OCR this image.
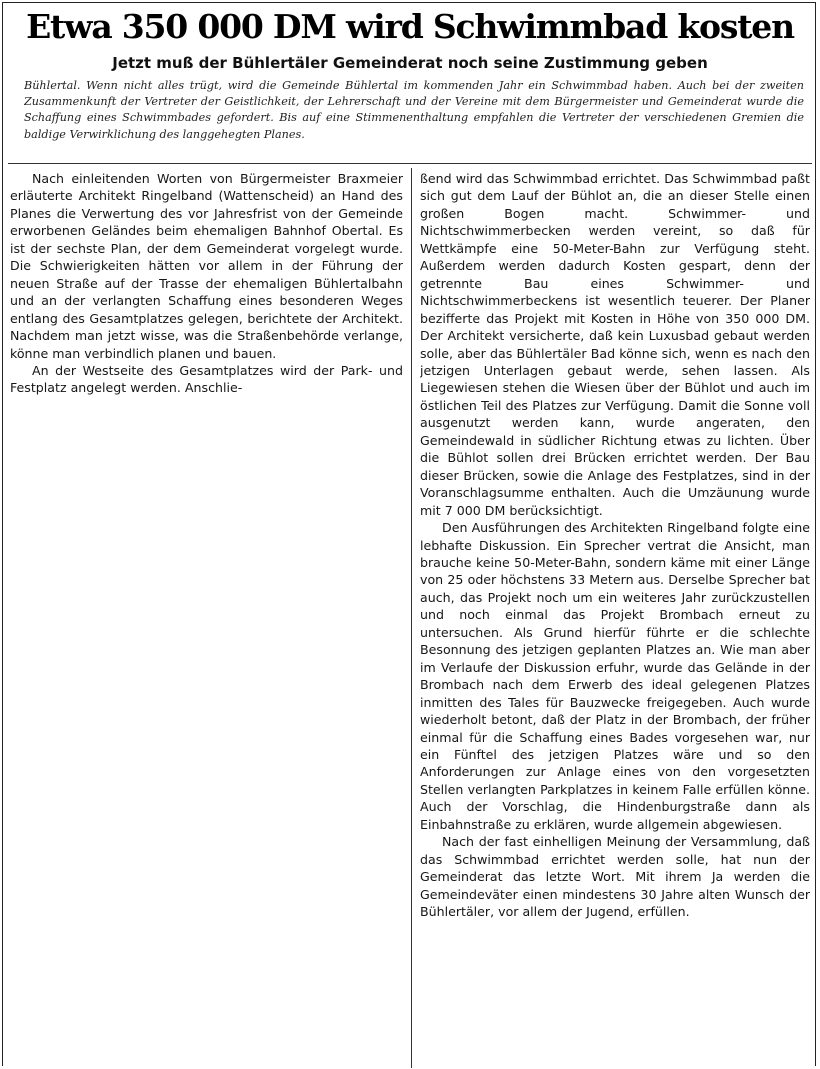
Etwa 350 000 DM wird Schwimmbad kosten
Jetzt muß der Bühlertäler Gemeinderat noch seine Zustimmung geben
Bühlertal. Wenn nicht alles trügt, wird die Gemeinde Bühlertal im kommenden Jahr ein Schwimmbad haben. Auch bei der zweiten Zusammenkunft der Vertreter der Geistlichkeit, der Lehrerschaft und der Vereine mit dem Bürgermeister und Gemeinderat wurde die Schaffung eines Schwimmbades gefordert. Bis auf eine Stimmenenthaltung empfahlen die Vertreter der verschiedenen Gremien die baldige Verwirklichung des langgehegten Planes.

Nach einleitenden Worten von Bürgermeister Braxmeier erläuterte Architekt Ringelband (Wattenscheid) an Hand des Planes die Verwertung des vor Jahresfrist von der Gemeinde erworbenen Geländes beim ehemaligen Bahnhof Obertal. Es ist der sechste Plan, der dem Gemeinderat vorgelegt wurde. Die Schwierigkeiten hätten vor allem in der Führung der neuen Straße auf der Trasse der ehemaligen Bühlertalbahn und an der verlangten Schaffung eines besonderen Weges entlang des Gesamtplatzes gelegen, berichtete der Architekt. Nachdem man jetzt wisse, was die Straßenbehörde verlange, könne man verbindlich planen und bauen.

An der Westseite des Gesamtplatzes wird der Park- und Festplatz angelegt werden. Anschlie-

ßend wird das Schwimmbad errichtet. Das Schwimmbad paßt sich gut dem Lauf der Bühlot an, die an dieser Stelle einen großen Bogen macht. Schwimmer- und Nichtschwimmerbecken werden vereint, so daß für Wettkämpfe eine 50-Meter-Bahn zur Verfügung steht. Außerdem werden dadurch Kosten gespart, denn der getrennte Bau eines Schwimmer- und Nichtschwimmerbeckens ist wesentlich teuerer. Der Planer bezifferte das Projekt mit Kosten in Höhe von 350 000 DM. Der Architekt versicherte, daß kein Luxusbad gebaut werden solle, aber das Bühlertäler Bad könne sich, wenn es nach den jetzigen Unterlagen gebaut werde, sehen lassen. Als Liegewiesen stehen die Wiesen über der Bühlot und auch im östlichen Teil des Platzes zur Verfügung. Damit die Sonne voll ausgenutzt werden kann, wurde angeraten, den Gemeindewald in südlicher Richtung etwas zu lichten. Über die Bühlot sollen drei Brücken errichtet werden. Der Bau dieser Brücken, sowie die Anlage des Festplatzes, sind in der Voranschlagsumme enthalten. Auch die Umzäunung wurde mit 7 000 DM berücksichtigt.

Den Ausführungen des Architekten Ringelband folgte eine lebhafte Diskussion. Ein Sprecher vertrat die Ansicht, man brauche keine 50-Meter-Bahn, sondern käme mit einer Länge von 25 oder höchstens 33 Metern aus. Derselbe Sprecher bat auch, das Projekt noch um ein weiteres Jahr zurückzustellen und noch einmal das Projekt Brombach erneut zu untersuchen. Als Grund hierfür führte er die schlechte Besonnung des jetzigen geplanten Platzes an. Wie man aber im Verlaufe der Diskussion erfuhr, wurde das Gelände in der Brombach nach dem Erwerb des ideal gelegenen Platzes inmitten des Tales für Bauzwecke freigegeben. Auch wurde wiederholt betont, daß der Platz in der Brombach, der früher einmal für die Schaffung eines Bades vorgesehen war, nur ein Fünftel des jetzigen Platzes wäre und so den Anforderungen zur Anlage eines von den vorgesetzten Stellen verlangten Parkplatzes in keinem Falle erfüllen könne. Auch der Vorschlag, die Hindenburgstraße dann als Einbahnstraße zu erklären, wurde allgemein abgewiesen.

Nach der fast einhelligen Meinung der Versammlung, daß das Schwimmbad errichtet werden solle, hat nun der Gemeinderat das letzte Wort. Mit ihrem Ja werden die Gemeindeväter einen mindestens 30 Jahre alten Wunsch der Bühlertäler, vor allem der Jugend, erfüllen.
